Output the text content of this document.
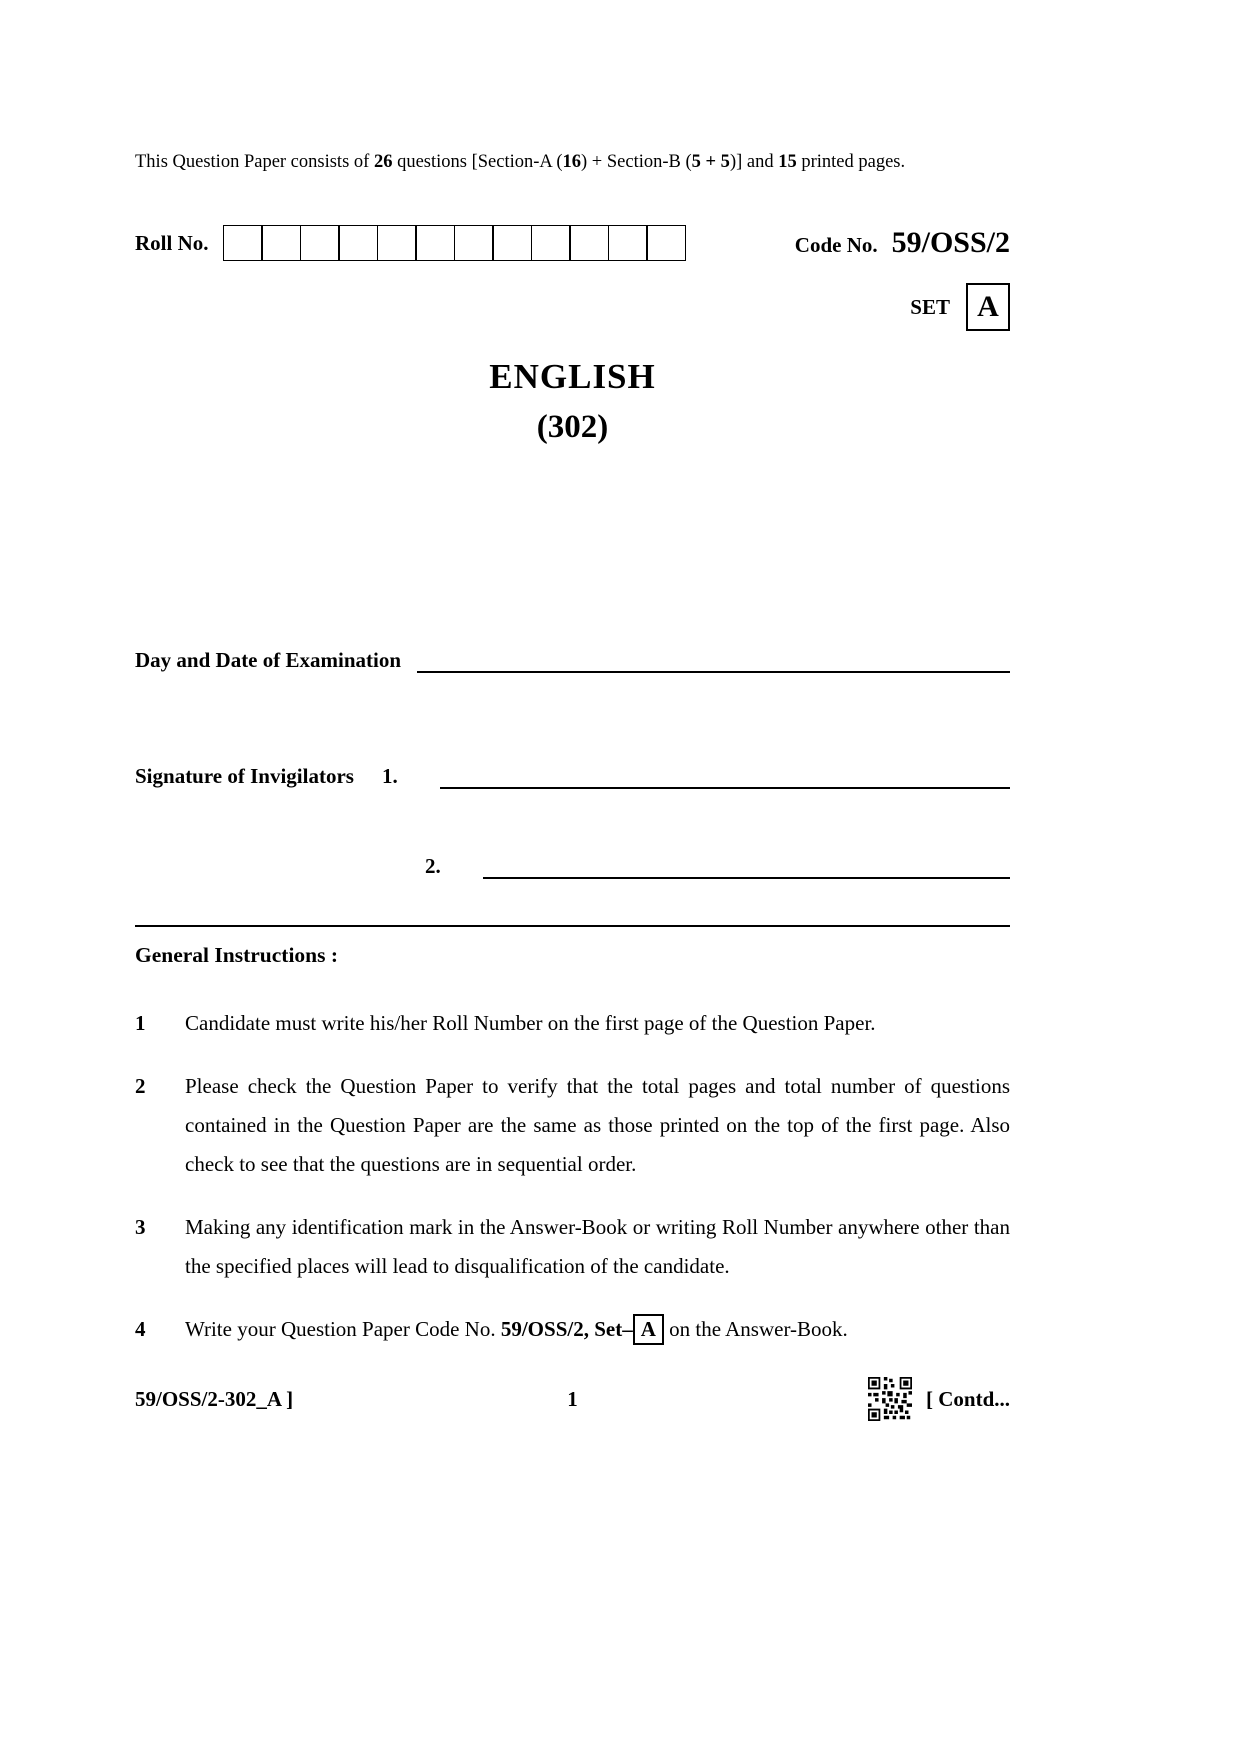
This Question Paper consists of 26 questions [Section-A (16) + Section-B (5 + 5)] and 15 printed pages.
Roll No.	Code No. 59/OSS/2
SET A
ENGLISH
(302)
Day and Date of Examination
Signature of Invigilators 1.
2.
General Instructions :
1	Candidate must write his/her Roll Number on the first page of the Question Paper.
2	Please check the Question Paper to verify that the total pages and total number of questions contained in the Question Paper are the same as those printed on the top of the first page. Also check to see that the questions are in sequential order.
3	Making any identification mark in the Answer-Book or writing Roll Number anywhere other than the specified places will lead to disqualification of the candidate.
4	Write your Question Paper Code No. 59/OSS/2, Set– A on the Answer-Book.
59/OSS/2-302_A ]	1	[ Contd...
